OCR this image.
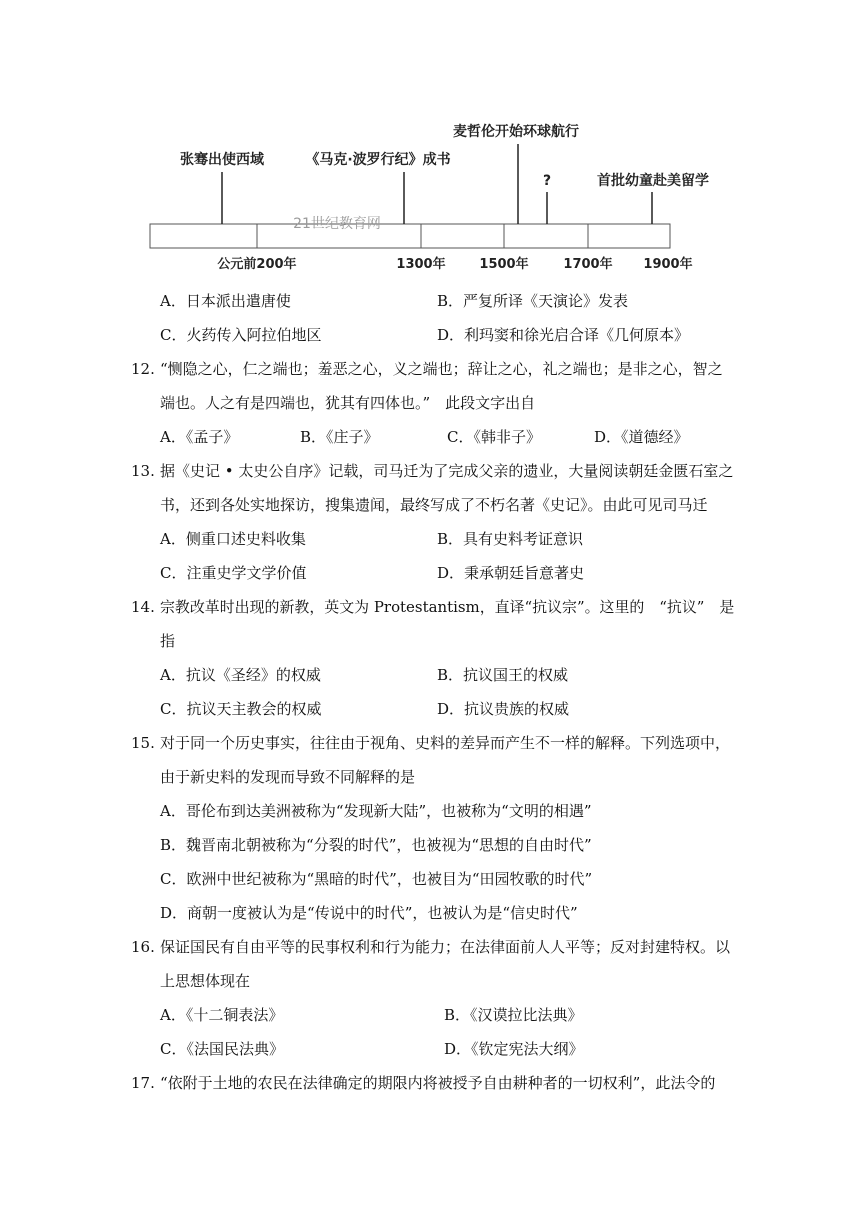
张骞出使西域	《马克·波罗行纪》成书
麦哲伦开始环球航行
?	首批幼童赴美留学
21世纪教育网
公元前200年	1300年	1500年	1700年 1900年
A．日本派出遣唐使	B．严复所译《天演论》发表
C．火药传入阿拉伯地区	D．利玛窦和徐光启合译《几何原本》
12. “恻隐之心，仁之端也；羞恶之心，义之端也；辞让之心，礼之端也；是非之心，智之
端也。人之有是四端也，犹其有四体也。”　此段文字出自
A．《孟子》	B．《庄子》	C．《韩非子》	D．《道德经》
13. 据《史记 • 太史公自序》记载，司马迁为了完成父亲的遗业，大量阅读朝廷金匮石室之
书，还到各处实地探访，搜集遗闻，最终写成了不朽名著《史记》。由此可见司马迁
A．侧重口述史料收集	B．具有史料考证意识
C．注重史学文学价值	D．秉承朝廷旨意著史
14. 宗教改革时出现的新教，英文为 Protestantism，直译“抗议宗”。这里的　“抗议”　是
指
A．抗议《圣经》的权威	B．抗议国王的权威
C．抗议天主教会的权威	D．抗议贵族的权威
15. 对于同一个历史事实，往往由于视角、史料的差异而产生不一样的解释。下列选项中，
由于新史料的发现而导致不同解释的是
A．哥伦布到达美洲被称为“发现新大陆”，也被称为“文明的相遇”
B．魏晋南北朝被称为“分裂的时代”，也被视为“思想的自由时代”
C．欧洲中世纪被称为“黑暗的时代”，也被目为“田园牧歌的时代”
D．商朝一度被认为是“传说中的时代”，也被认为是“信史时代”
16. 保证国民有自由平等的民事权利和行为能力；在法律面前人人平等；反对封建特权。以
上思想体现在
A．《十二铜表法》	B．《汉谟拉比法典》
C．《法国民法典》	D．《钦定宪法大纲》
17. “依附于土地的农民在法律确定的期限内将被授予自由耕种者的一切权利”，此法令的
